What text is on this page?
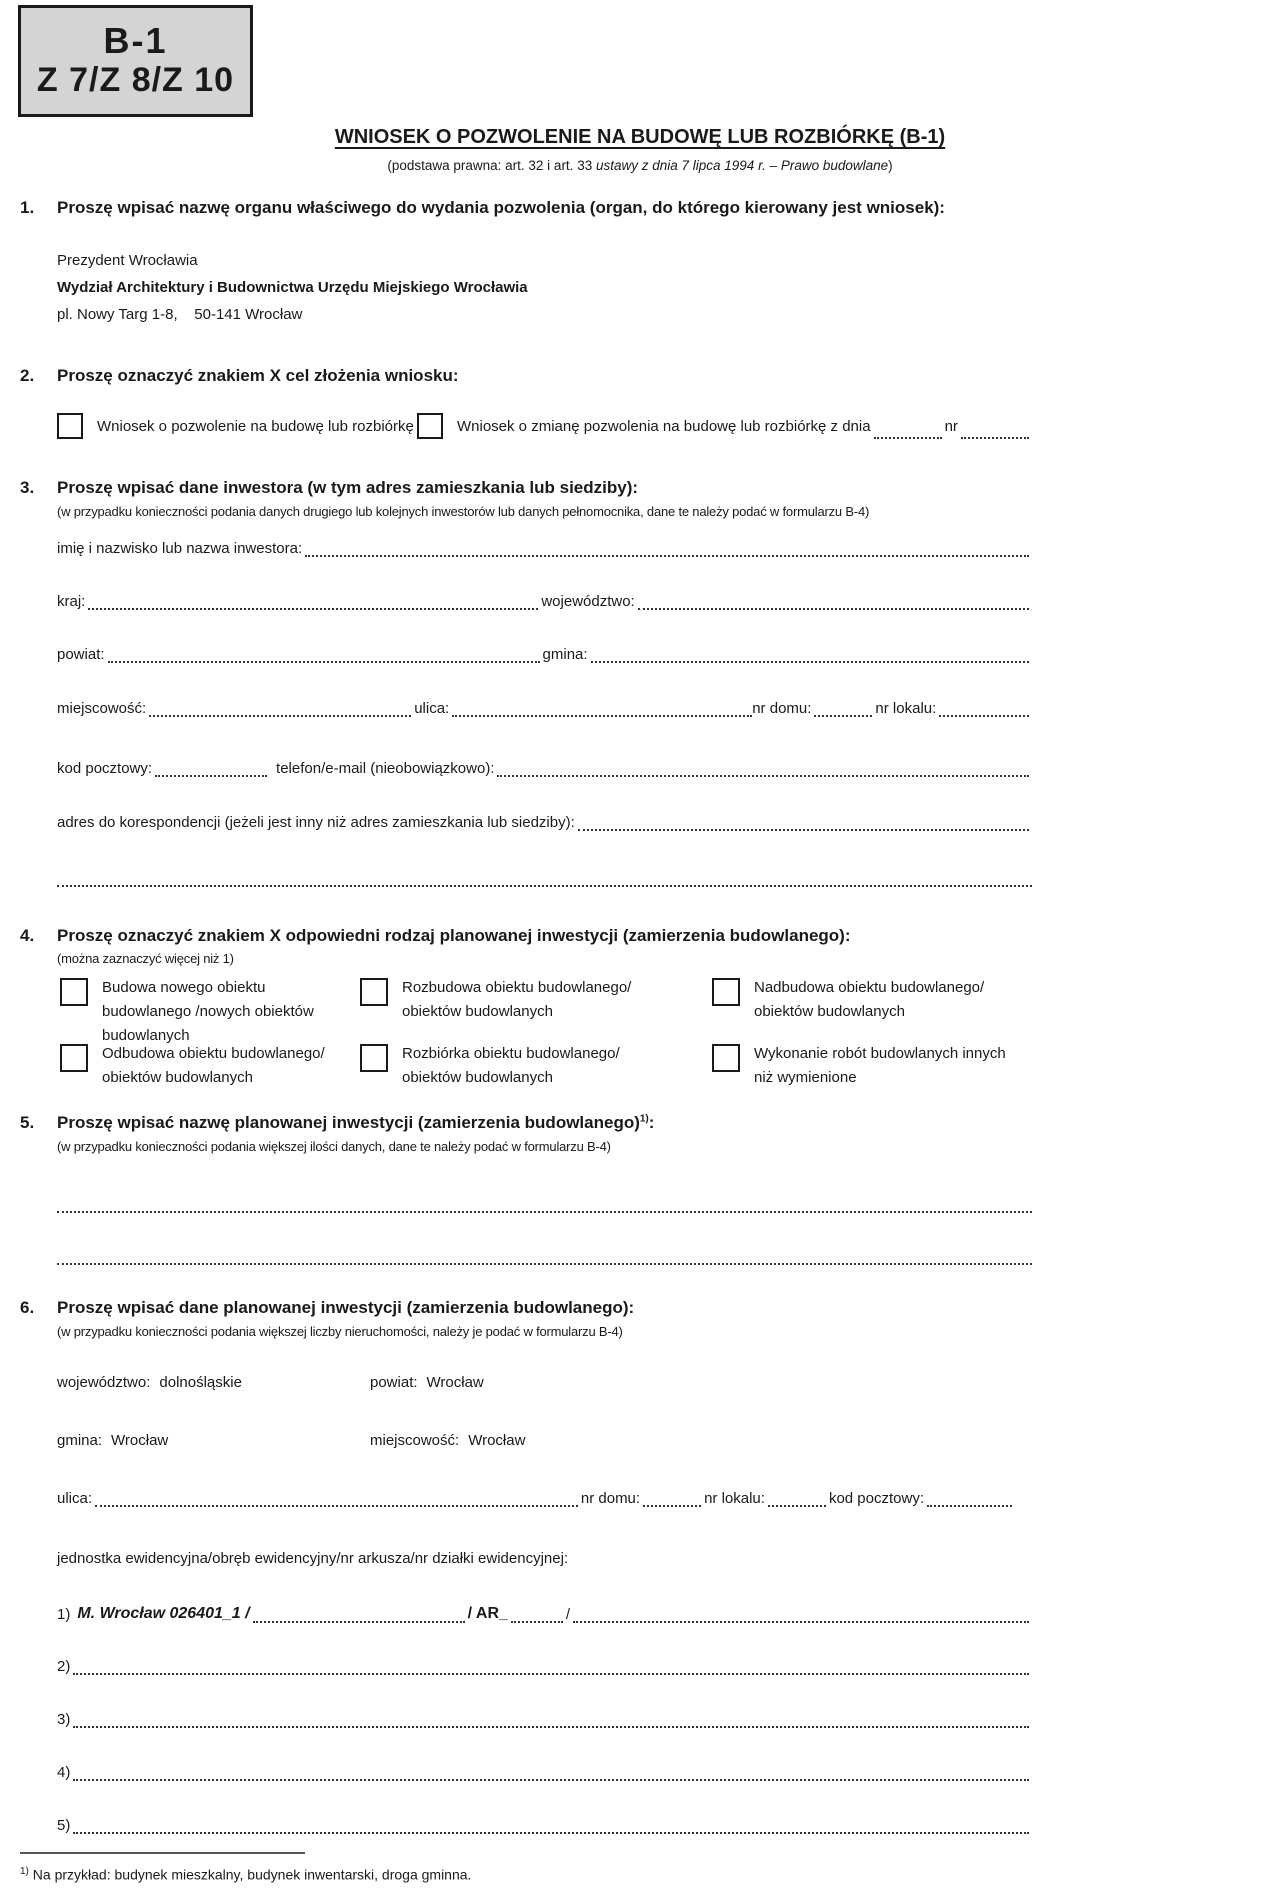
B-1
Z 7/Z 8/Z 10
WNIOSEK O POZWOLENIE NA BUDOWĘ LUB ROZBIÓRKĘ (B-1)
(podstawa prawna: art. 32 i art. 33 ustawy z dnia 7 lipca 1994 r. – Prawo budowlane)
1.	Proszę wpisać nazwę organu właściwego do wydania pozwolenia (organ, do którego kierowany jest wniosek):
Prezydent Wrocławia
Wydział Architektury i Budownictwa Urzędu Miejskiego Wrocławia
pl. Nowy Targ 1-8,    50-141 Wrocław
2.	Proszę oznaczyć znakiem X cel złożenia wniosku:
Wniosek o pozwolenie na budowę lub rozbiórkę	Wniosek o zmianę pozwolenia na budowę lub rozbiórkę z dnia	nr
3.	Proszę wpisać dane inwestora (w tym adres zamieszkania lub siedziby):
(w przypadku konieczności podania danych drugiego lub kolejnych inwestorów lub danych pełnomocnika, dane te należy podać w formularzu B-4)
imię i nazwisko lub nazwa inwestora:
kraj:	województwo:
powiat:	gmina:
miejscowość:	ulica:	nr domu:	nr lokalu:
kod pocztowy:	telefon/e-mail (nieobowiązkowo):
adres do korespondencji (jeżeli jest inny niż adres zamieszkania lub siedziby):
4.	Proszę oznaczyć znakiem X odpowiedni rodzaj planowanej inwestycji (zamierzenia budowlanego):
(można zaznaczyć więcej niż 1)
Budowa nowego obiektu budowlanego /nowych obiektów budowlanych
Rozbudowa obiektu budowlanego/ obiektów budowlanych
Nadbudowa obiektu budowlanego/ obiektów budowlanych
Odbudowa obiektu budowlanego/ obiektów budowlanych
Rozbiórka obiektu budowlanego/ obiektów budowlanych
Wykonanie robót budowlanych innych niż wymienione
5.	Proszę wpisać nazwę planowanej inwestycji (zamierzenia budowlanego)$^{1)}$:
(w przypadku konieczności podania większej ilości danych, dane te należy podać w formularzu B-4)
6.	Proszę wpisać dane planowanej inwestycji (zamierzenia budowlanego):
(w przypadku konieczności podania większej liczby nieruchomości, należy je podać w formularzu B-4)
województwo: dolnośląskie	powiat: Wrocław
gmina: Wrocław	miejscowość: Wrocław
ulica:	nr domu:	nr lokalu:	kod pocztowy:
jednostka ewidencyjna/obręb ewidencyjny/nr arkusza/nr działki ewidencyjnej:
1) M. Wrocław 026401_1 /	/ AR_	/
2)
3)
4)
5)
$^{1)}$ Na przykład: budynek mieszkalny, budynek inwentarski, droga gminna.
